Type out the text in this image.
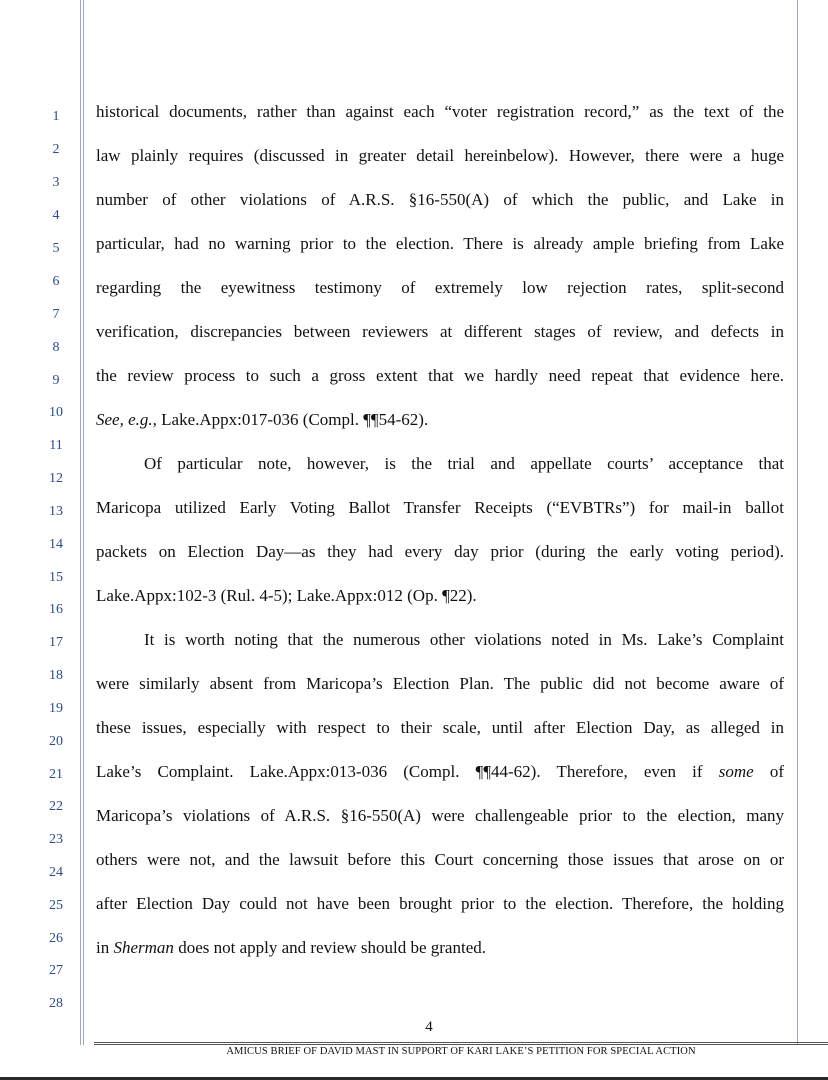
1
2
3
4
5
6
7
8
9
10
11
12
13
14
15
16
17
18
19
20
21
22
23
24
25
26
27
28
historical documents, rather than against each “voter registration record,” as the text of the
law plainly requires (discussed in greater detail hereinbelow). However, there were a huge
number of other violations of A.R.S. §16-550(A) of which the public, and Lake in
particular, had no warning prior to the election. There is already ample briefing from Lake
regarding the eyewitness testimony of extremely low rejection rates, split-second
verification, discrepancies between reviewers at different stages of review, and defects in
the review process to such a gross extent that we hardly need repeat that evidence here.
See, e.g., Lake.Appx:017-036 (Compl. ¶¶54-62).
Of particular note, however, is the trial and appellate courts’ acceptance that
Maricopa utilized Early Voting Ballot Transfer Receipts (“EVBTRs”) for mail-in ballot
packets on Election Day—as they had every day prior (during the early voting period).
Lake.Appx:102-3 (Rul. 4-5); Lake.Appx:012 (Op. ¶22).
It is worth noting that the numerous other violations noted in Ms. Lake’s Complaint
were similarly absent from Maricopa’s Election Plan. The public did not become aware of
these issues, especially with respect to their scale, until after Election Day, as alleged in
Lake’s Complaint. Lake.Appx:013-036 (Compl. ¶¶44-62). Therefore, even if some of
Maricopa’s violations of A.R.S. §16-550(A) were challengeable prior to the election, many
others were not, and the lawsuit before this Court concerning those issues that arose on or
after Election Day could not have been brought prior to the election. Therefore, the holding
in Sherman does not apply and review should be granted.
4
AMICUS BRIEF OF DAVID MAST IN SUPPORT OF KARI LAKE’S PETITION FOR SPECIAL ACTION
